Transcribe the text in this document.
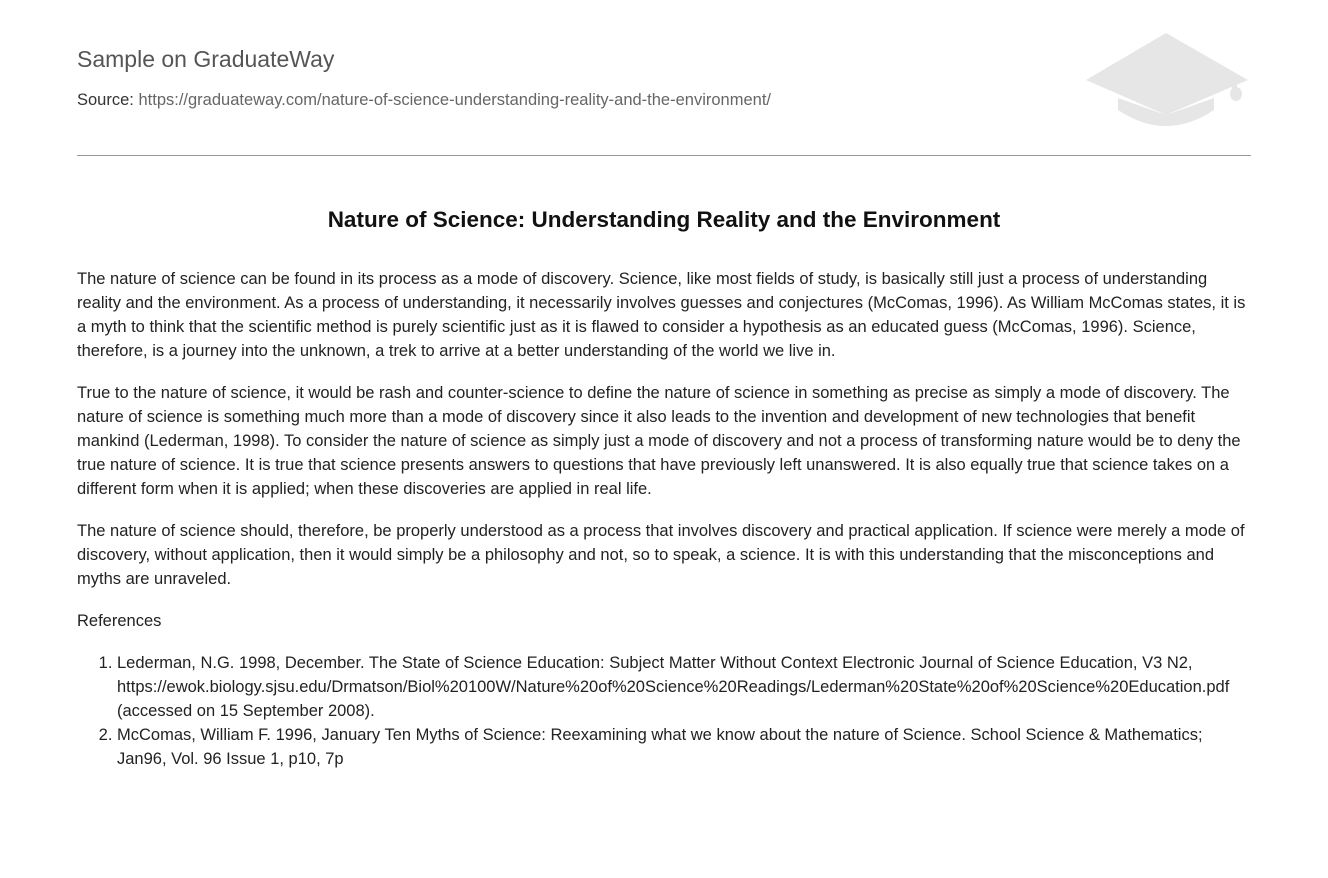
Sample on GraduateWay
Source: https://graduateway.com/nature-of-science-understanding-reality-and-the-environment/
Nature of Science: Understanding Reality and the Environment

The nature of science can be found in its process as a mode of discovery. Science, like most fields of study, is basically still just a process of understanding reality and the environment. As a process of understanding, it necessarily involves guesses and conjectures (McComas, 1996). As William McComas states, it is a myth to think that the scientific method is purely scientific just as it is flawed to consider a hypothesis as an educated guess (McComas, 1996). Science, therefore, is a journey into the unknown, a trek to arrive at a better understanding of the world we live in.

True to the nature of science, it would be rash and counter-science to define the nature of science in something as precise as simply a mode of discovery. The nature of science is something much more than a mode of discovery since it also leads to the invention and development of new technologies that benefit mankind (Lederman, 1998). To consider the nature of science as simply just a mode of discovery and not a process of transforming nature would be to deny the true nature of science. It is true that science presents answers to questions that have previously left unanswered. It is also equally true that science takes on a different form when it is applied; when these discoveries are applied in real life.

The nature of science should, therefore, be properly understood as a process that involves discovery and practical application. If science were merely a mode of discovery, without application, then it would simply be a philosophy and not, so to speak, a science. It is with this understanding that the misconceptions and myths are unraveled.

References

1. Lederman, N.G. 1998, December. The State of Science Education: Subject Matter Without Context Electronic Journal of Science Education, V3 N2,
https://ewok.biology.sjsu.edu/Drmatson/Biol%20100W/Nature%20of%20Science%20Readings/Lederman%20State%20of%20Science%20Education.pdf
(accessed on 15 September 2008).
2. McComas, William F. 1996, January Ten Myths of Science: Reexamining what we know about the nature of Science. School Science & Mathematics; Jan96, Vol. 96 Issue 1, p10, 7p
